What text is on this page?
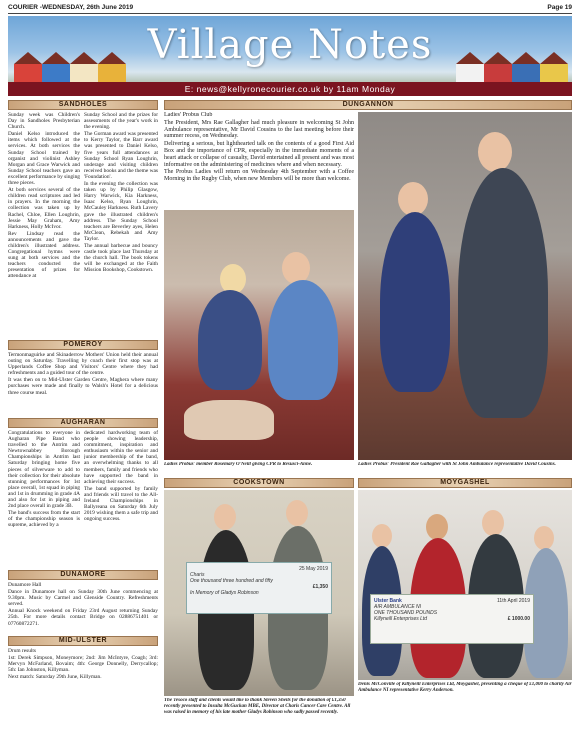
COURIER -WEDNESDAY, 26th June 2019	Page 19
Village Notes
E: news@kellyronecourier.co.uk by 11am Monday
SANDHOLES

Sunday week was Children's Day in Sandholes Presbyterian Church.

Daniel Kelso introduced the items which followed at the services. At both services the Sunday School trained by organist and violinist Ashley Morgan and Grace Warwick and Sunday School teachers gave an excellent performance by singing three pieces.

At both services several of the children read scriptures and led in prayers. In the morning the collection was taken up by Rachel, Chloe, Ellen Loughrin, Jessie May Graham, Amy Harkness, Holly McIvor.

Rev Lindsay read the announcements and gave the children's illustrated address. Congregational hymns were sung at both services and the teachers conducted the presentation of prizes for attendance at

Sunday School and the prizes for assessments of the year's work in the evening.

The Gorman award was presented to Kerry Taylor, the Barr award was presented to Daniel Kelso, five years full attendances at Sunday School Ryan Loughrin, underage and visiting children received books and the theme was 'Foundation'.

In the evening the collection was taken up by Philip Glasgow, Harry Warwick, Kia Harkness, Isaac Kelso, Ryan Loughrin, McCauley Harkness. Ruth Lavery gave the illustrated children's address. The Sunday School teachers are Beverley ayes, Helen McClean, Rebekah and Amy Taylor.

The annual barbecue and bouncy castle took place last Thursday at the church hall. The book tokens will be exchanged at the Faith Mission Bookshop, Cookstown.

POMEROY

Termonmaguirke and Skinaderrow Mothers' Union held their annual outing on Saturday. Travelling by coach their first stop was at Upperlands Coffee Shop and Visitors' Centre where they had refreshments and a guided tour of the centre.

It was then on to Mid-Ulster Garden Centre, Maghera where many purchases were made and finally to Walsh's Hotel for a delicious three course meal.

AUGHARAN

Congratulations to everyone in Augharan Pipe Band who travelled to the Antrim and Newtownabbey Borough Championships in Antrim last Saturday bringing home five pieces of silverware to add to their collection for their absolute stunning performances for 1st place overall, 1st squad in piping and 1st in drumming in grade 4A and also for 1st in piping and 2nd place overall in grade 3B.

The band's success from the start of the championship season is supreme, achieved by a

dedicated hardworking team of people showing leadership, commitment, inspiration and enthusiasm within the senior and junior membership of the band, an overwhelming thanks to all members, family and friends who have supported the band in achieving their success.

The band supported by family and friends will travel to the All-Ireland Championships in Ballyreana on Saturday 6th July 2019 wishing them a safe trip and ongoing success.

DUNAMORE

Dunamore Hall

Dance in Dunamore hall on Sunday 30th June commencing at 9.30pm. Music by Carmel and Glenside Country. Refreshments served.

Annual Knock weekend on Friday 23rd August returning Sunday 25th. For more details contact Bridge on 02886751401 or 07760872271.

MID-ULSTER

Drum results

1st: Derek Simpson, Moneymore; 2nd: Jim McIntyre, Coagh; 3rd: Mervyn McFarland, Bovaim; 4th: George Donnelly, Derrycallop; 5th: Ian Johnston, Killyman.

Next match: Saturday 29th June, Killyman.

DUNGANNON

Ladies' Probus Club

The President, Mrs Rae Gallagher had much pleasure in welcoming St John Ambulance representative, Mr David Cousins to the last meeting before their summer recess, on Wednesday.

Delivering a serious, but lighthearted talk on the contents of a good First Aid Box and the importance of CPR, especially in the immediate moments of a heart attack or collapse of casualty, David entertained all present and was most informative on the administering of medicines where and when necessary.

The Probus Ladies will return on Wednesday 4th September with a Coffee Morning in the Rugby Club, when new Members will be more than welcome.

Ladies Probus' member Rosemary O'Neill giving CPR to Resusci-Anne.	Ladies Probus' President Rae Gallagher with St John Ambulance representative David Cousins.
COOKSTOWN
25 May 2019
Charis
One thousand three hundred and fifty
£1,350
In Memory of Gladys Robinson
The Tesoco staff and clients would like to thank Steven Sheils for the donation of £1,350 recently presented to Insulta McGuckan MBE, Director at Charis Cancer Care Centre. All was raised in memory of his late mother Gladys Robinson who sadly passed recently.
MOYGASHEL
Ulster Bank	11th April 2019
AIR AMBULANCE NI
ONE THOUSAND POUNDS
Killyneill Enterprises Ltd	£ 1000.00
Denis McConville of Killyneill Enterprises Ltd, Moygashel, presenting a cheque of £1,000 to charity Air Ambulance NI representative Kerry Anderson.
